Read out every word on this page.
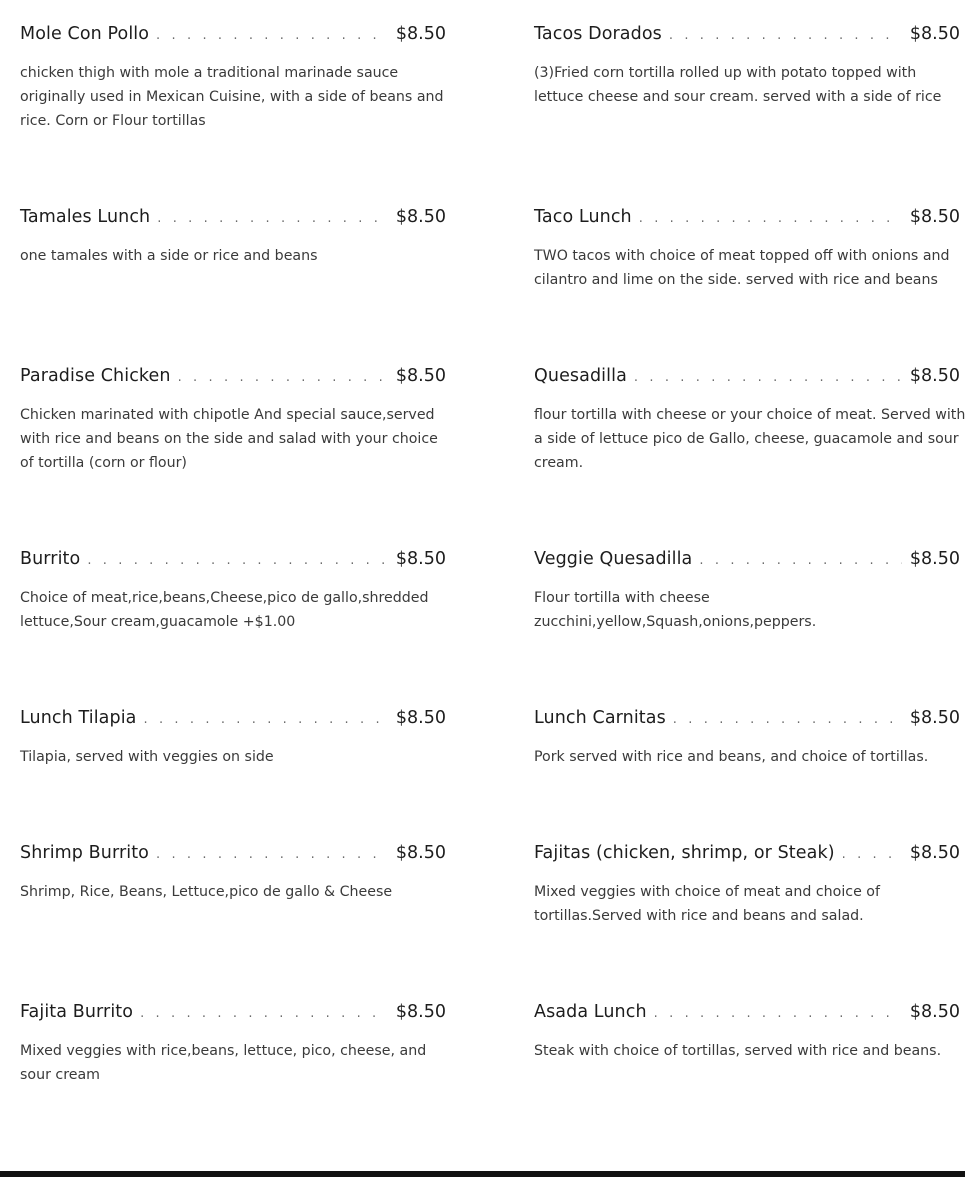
Mole Con Pollo . . .	$8.50
chicken thigh with mole a traditional marinade sauce originally used in Mexican Cuisine, with a side of beans and rice. Corn or Flour tortillas
Tamales Lunch . . .	$8.50
one tamales with a side or rice and beans
Paradise Chicken . . .	$8.50
Chicken marinated with chipotle And special sauce,served with rice and beans on the side and salad with your choice of tortilla (corn or flour)
Burrito . . .	$8.50
Choice of meat,rice,beans,Cheese,pico de gallo,shredded lettuce,Sour cream,guacamole +$1.00
Lunch Tilapia . . .	$8.50
Tilapia, served with veggies on side
Shrimp Burrito . . .	$8.50
Shrimp, Rice, Beans, Lettuce,pico de gallo & Cheese
Fajita Burrito . . .	$8.50
Mixed veggies with rice,beans, lettuce, pico, cheese, and sour cream
Tacos Dorados . . .	$8.50
(3)Fried corn tortilla rolled up with potato topped with lettuce cheese and sour cream. served with a side of rice
Taco Lunch . . .	$8.50
TWO tacos with choice of meat topped off with onions and cilantro and lime on the side. served with rice and beans
Quesadilla . . .	$8.50
flour tortilla with cheese or your choice of meat. Served with a side of lettuce pico de Gallo, cheese, guacamole and sour cream.
Veggie Quesadilla . . .	$8.50
Flour tortilla with cheese zucchini,yellow,Squash,onions,peppers.
Lunch Carnitas . . .	$8.50
Pork served with rice and beans, and choice of tortillas.
Fajitas (chicken, shrimp, or Steak) . . .	$8.50
Mixed veggies with choice of meat and choice of tortillas.Served with rice and beans and salad.
Asada Lunch . . .	$8.50
Steak with choice of tortillas, served with rice and beans.
